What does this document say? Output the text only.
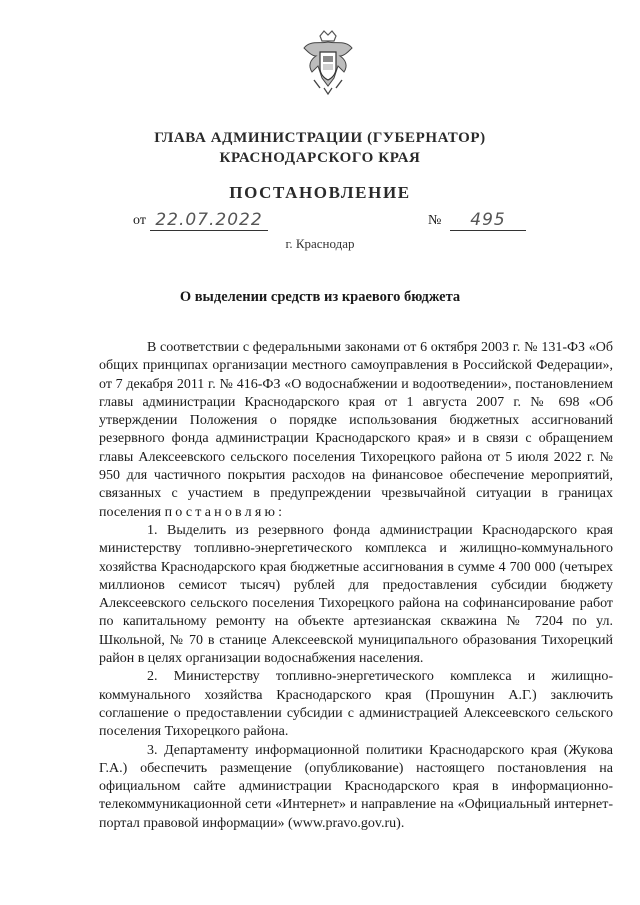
ГЛАВА АДМИНИСТРАЦИИ (ГУБЕРНАТОР)
КРАСНОДАРСКОГО КРАЯ
ПОСТАНОВЛЕНИЕ
от 22.07.2022	№	495
г. Краснодар
О выделении средств из краевого бюджета

В соответствии с федеральными законами от 6 октября 2003 г. № 131-ФЗ «Об общих принципах организации местного самоуправления в Российской Федерации», от 7 декабря 2011 г. № 416-ФЗ «О водоснабжении и водоотведении», постановлением главы администрации Краснодарского края от 1 августа 2007 г. № 698 «Об утверждении Положения о порядке использования бюджетных ассигнований резервного фонда администрации Краснодарского края» и в связи с обращением главы Алексеевского сельского поселения Тихорецкого района от 5 июля 2022 г. № 950 для частичного покрытия расходов на финансовое обеспечение мероприятий, связанных с участием в предупреждении чрезвычайной ситуации в границах поселения постановляю:

1. Выделить из резервного фонда администрации Краснодарского края министерству топливно-энергетического комплекса и жилищно-коммунального хозяйства Краснодарского края бюджетные ассигнования в сумме 4 700 000 (четырех миллионов семисот тысяч) рублей для предоставления субсидии бюджету Алексеевского сельского поселения Тихорецкого района на софинансирование работ по капитальному ремонту на объекте артезианская скважина № 7204 по ул. Школьной, № 70 в станице Алексеевской муниципального образования Тихорецкий район в целях организации водоснабжения населения.

2. Министерству топливно-энергетического комплекса и жилищно-коммунального хозяйства Краснодарского края (Прошунин А.Г.) заключить соглашение о предоставлении субсидии с администрацией Алексеевского сельского поселения Тихорецкого района.

3. Департаменту информационной политики Краснодарского края (Жукова Г.А.) обеспечить размещение (опубликование) настоящего постановления на официальном сайте администрации Краснодарского края в информационно-телекоммуникационной сети «Интернет» и направление на «Официальный интернет-портал правовой информации» (www.pravo.gov.ru).
